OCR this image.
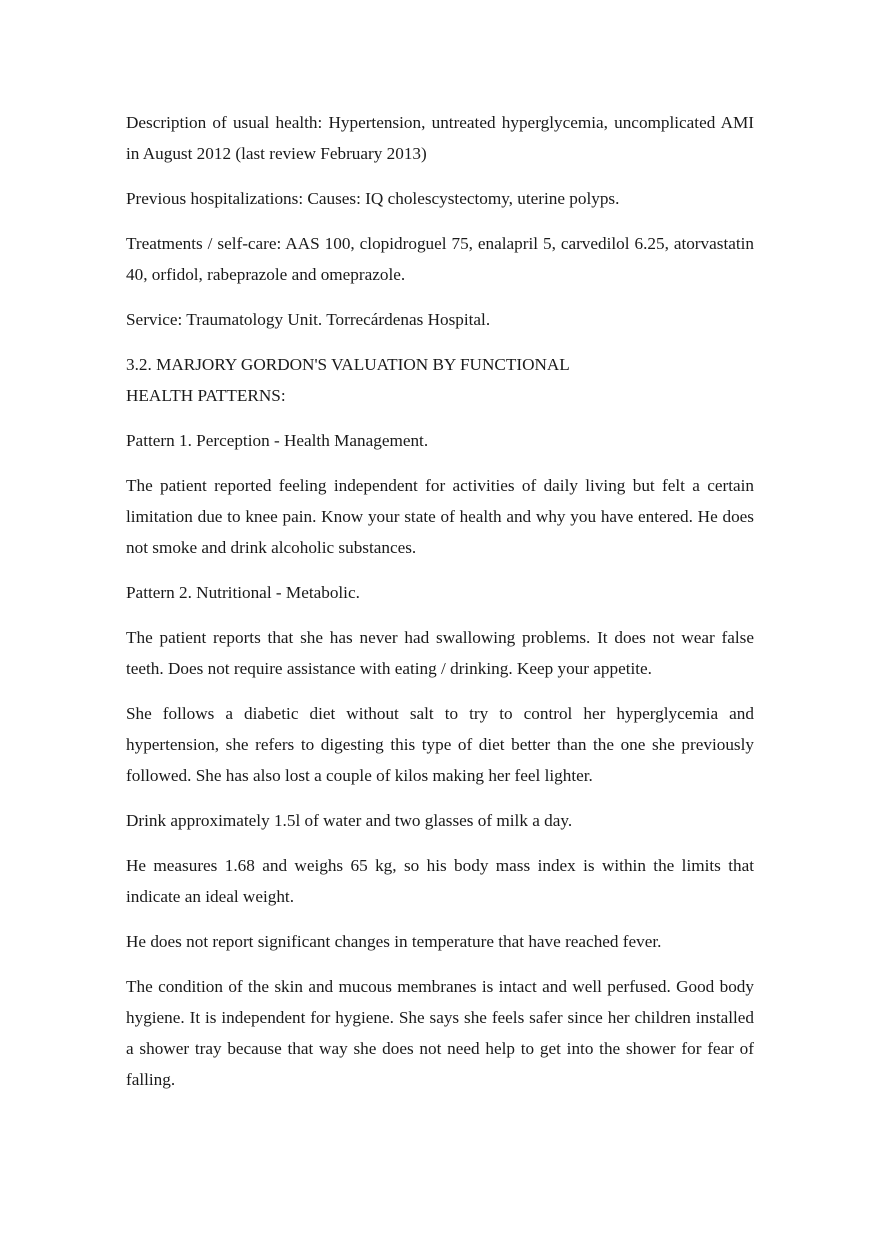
Description of usual health: Hypertension, untreated hyperglycemia, uncomplicated AMI in August 2012 (last review February 2013)

Previous hospitalizations: Causes: IQ cholescystectomy, uterine polyps.

Treatments / self-care: AAS 100, clopidroguel 75, enalapril 5, carvedilol 6.25, atorvastatin 40, orfidol, rabeprazole and omeprazole.

Service: Traumatology Unit. Torrecárdenas Hospital.

3.2. MARJORY GORDON'S VALUATION BY FUNCTIONAL
HEALTH PATTERNS:

Pattern 1. Perception - Health Management.

The patient reported feeling independent for activities of daily living but felt a certain limitation due to knee pain. Know your state of health and why you have entered. He does not smoke and drink alcoholic substances.

Pattern 2. Nutritional - Metabolic.

The patient reports that she has never had swallowing problems. It does not wear false teeth. Does not require assistance with eating / drinking. Keep your appetite.

She follows a diabetic diet without salt to try to control her hyperglycemia and hypertension, she refers to digesting this type of diet better than the one she previously followed. She has also lost a couple of kilos making her feel lighter.

Drink approximately 1.5l of water and two glasses of milk a day.

He measures 1.68 and weighs 65 kg, so his body mass index is within the limits that indicate an ideal weight.

He does not report significant changes in temperature that have reached fever.

The condition of the skin and mucous membranes is intact and well perfused. Good body hygiene. It is independent for hygiene. She says she feels safer since her children installed a shower tray because that way she does not need help to get into the shower for fear of falling.
